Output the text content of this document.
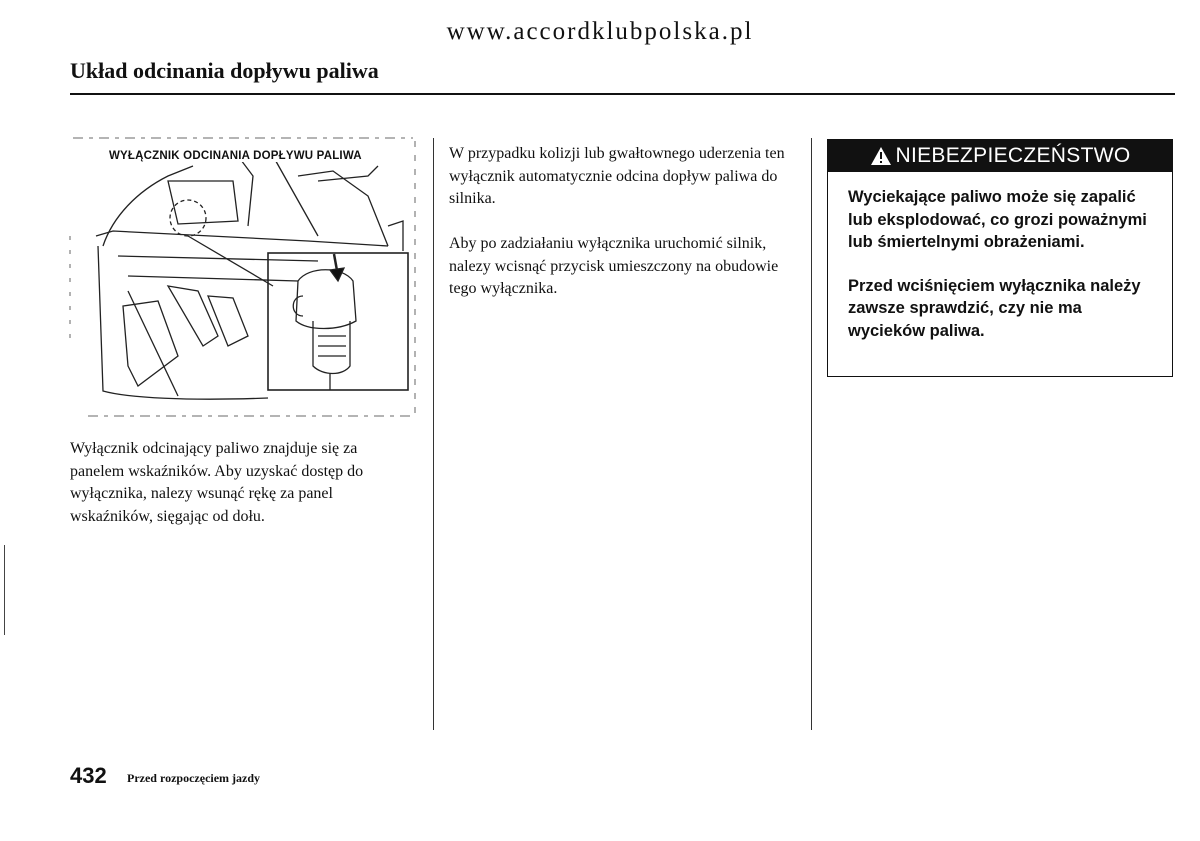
www.accordklubpolska.pl
Układ odcinania dopływu paliwa
WYŁĄCZNIK ODCINANIA DOPŁYWU PALIWA
Wyłącznik odcinający paliwo znajduje się za panelem wskaźników. Aby uzyskać dostęp do wyłącznika, nalezy wsunąć rękę za panel wskaźników, sięgając od dołu.
W przypadku kolizji lub gwałtownego uderzenia ten wyłącznik automatycznie odcina dopływ paliwa do silnika.
Aby po zadziałaniu wyłącznika uruchomić silnik, nalezy wcisnąć przycisk umieszczony na obudowie tego wyłącznika.
NIEBEZPIECZEŃSTWO
Wyciekające paliwo może się zapalić lub eksplodować, co grozi poważnymi lub śmiertelnymi obrażeniami.
Przed wciśnięciem wyłącznika należy zawsze sprawdzić, czy nie ma wycieków paliwa.
432 Przed rozpoczęciem jazdy
